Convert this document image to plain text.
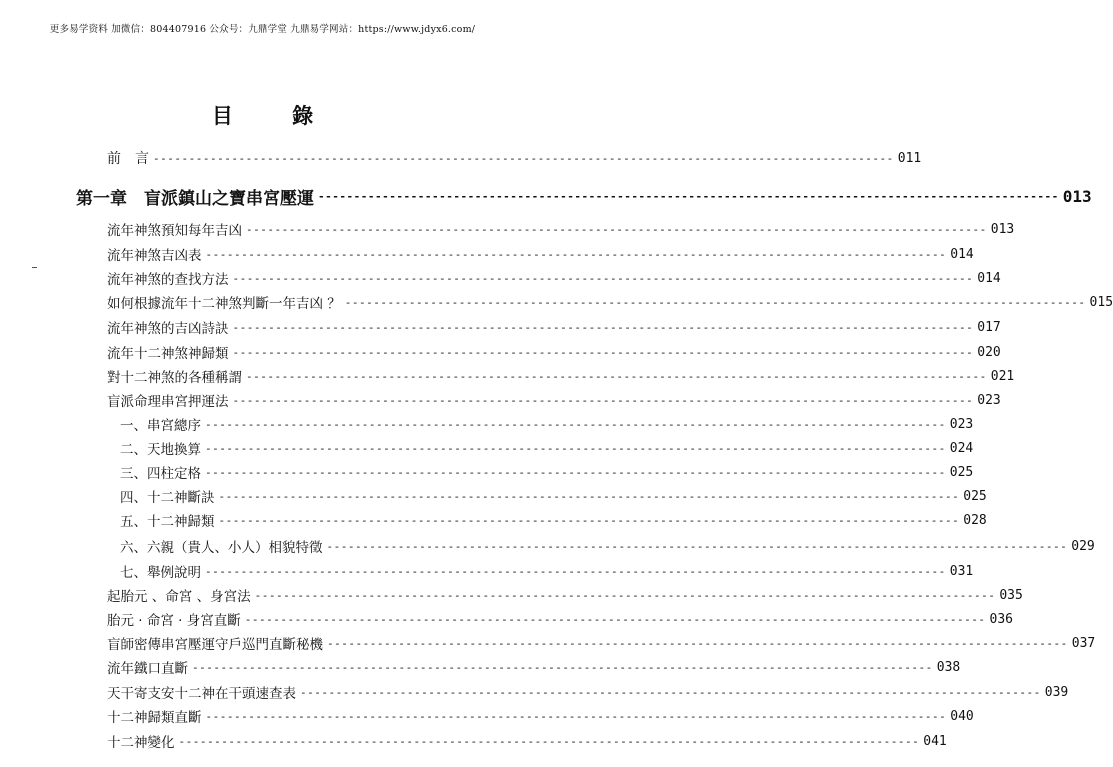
更多易学资料 加微信：804407916 公众号：九鼎学堂 九鼎易学网站：https://www.jdyx6.com/
目 錄
前　言 -------------------------------------------------------------------------------------------------------- 011
第一章　盲派鎮山之寶串宮壓運 -------------------------------------------------------------------------------------------------------- 013
流年神煞預知每年吉凶 -------------------------------------------------------------------------------------------------------- 013
流年神煞吉凶表 -------------------------------------------------------------------------------------------------------- 014
流年神煞的查找方法 -------------------------------------------------------------------------------------------------------- 014
如何根據流年十二神煞判斷一年吉凶 ？ -------------------------------------------------------------------------------------------------------- 015
流年神煞的吉凶詩訣 -------------------------------------------------------------------------------------------------------- 017
流年十二神煞神歸類 -------------------------------------------------------------------------------------------------------- 020
對十二神煞的各種稱謂 -------------------------------------------------------------------------------------------------------- 021
盲派命理串宮押運法 -------------------------------------------------------------------------------------------------------- 023
一、串宮總序 -------------------------------------------------------------------------------------------------------- 023
二、天地換算 -------------------------------------------------------------------------------------------------------- 024
三、四柱定格 -------------------------------------------------------------------------------------------------------- 025
四、十二神斷訣 -------------------------------------------------------------------------------------------------------- 025
五、十二神歸類 -------------------------------------------------------------------------------------------------------- 028
六、六親（貴人、小人）相貌特徵 -------------------------------------------------------------------------------------------------------- 029
七、舉例說明 -------------------------------------------------------------------------------------------------------- 031
起胎元 、命宮 、身宮法 -------------------------------------------------------------------------------------------------------- 035
胎元 · 命宮 · 身宮直斷 -------------------------------------------------------------------------------------------------------- 036
盲師密傳串宮壓運守戶巡門直斷秘機 -------------------------------------------------------------------------------------------------------- 037
流年鐵口直斷 -------------------------------------------------------------------------------------------------------- 038
天干寄支安十二神在干頭速查表 -------------------------------------------------------------------------------------------------------- 039
十二神歸類直斷 -------------------------------------------------------------------------------------------------------- 040
十二神變化 -------------------------------------------------------------------------------------------------------- 041
